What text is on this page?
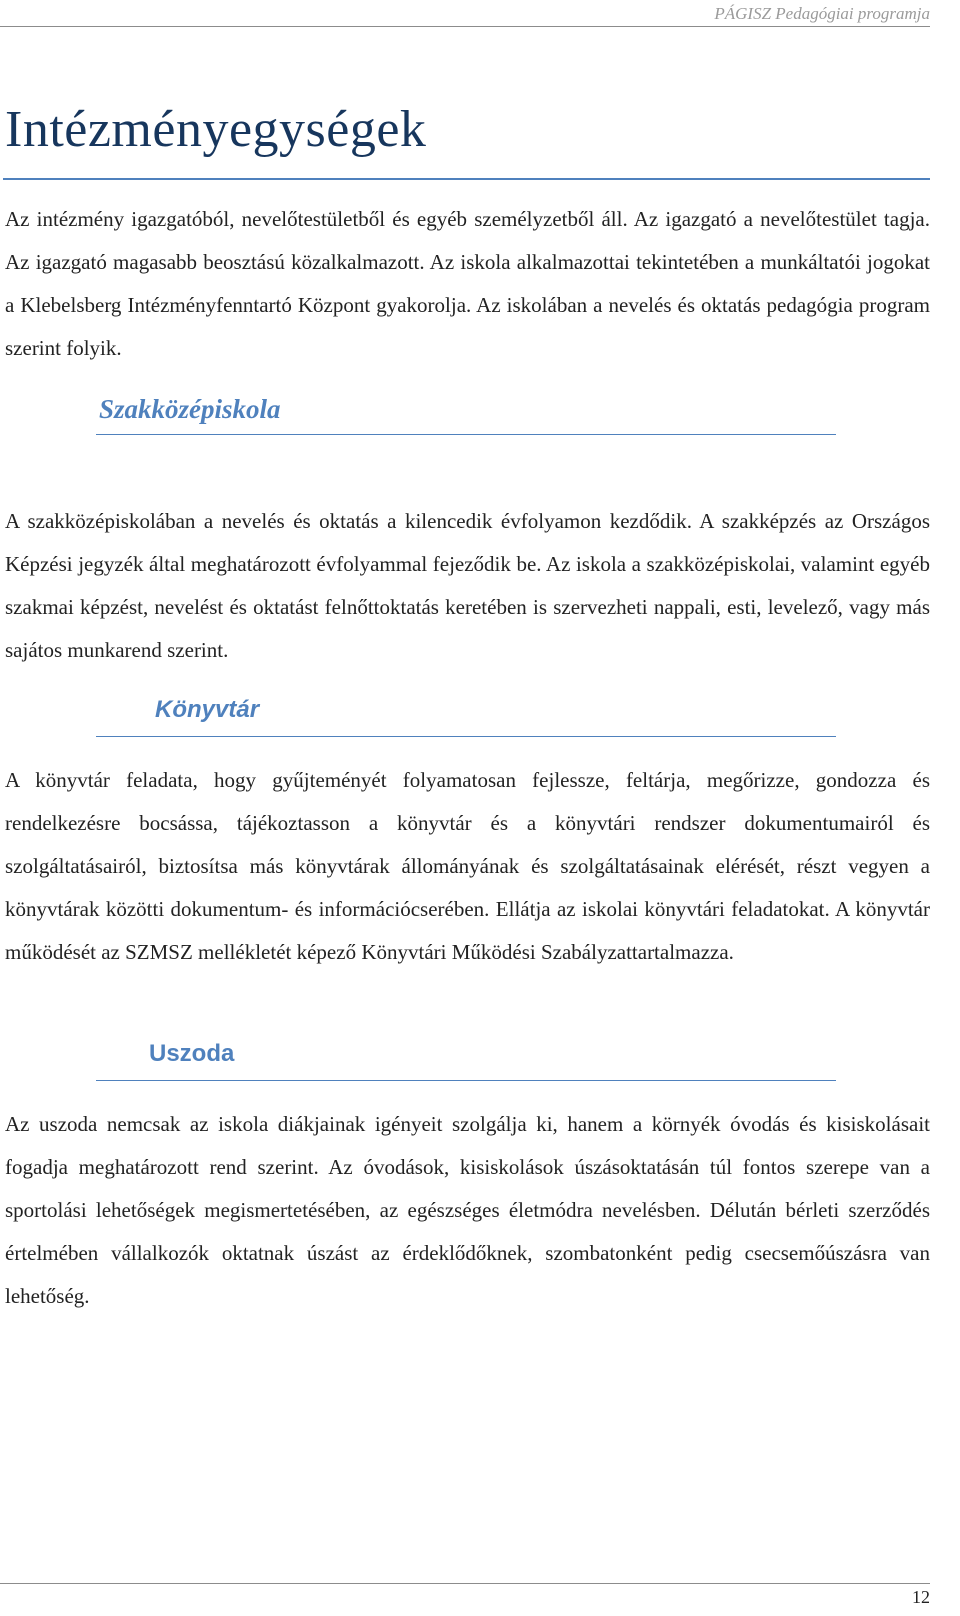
PÁGISZ Pedagógiai programja
Intézményegységek

Az intézmény igazgatóból, nevelőtestületből és egyéb személyzetből áll. Az igazgató a nevelőtestület tagja. Az igazgató magasabb beosztású közalkalmazott. Az iskola alkalmazottai tekintetében a munkáltatói jogokat a Klebelsberg Intézményfenntartó Központ gyakorolja. Az iskolában a nevelés és oktatás pedagógia program szerint folyik.

Szakközépiskola

A szakközépiskolában a nevelés és oktatás a kilencedik évfolyamon kezdődik. A szakképzés az Országos Képzési jegyzék által meghatározott évfolyammal fejeződik be. Az iskola a szakközépiskolai, valamint egyéb szakmai képzést, nevelést és oktatást felnőttoktatás keretében is szervezheti nappali, esti, levelező, vagy más sajátos munkarend szerint.

Könyvtár

A könyvtár feladata, hogy gyűjteményét folyamatosan fejlessze, feltárja, megőrizze, gondozza és rendelkezésre bocsássa, tájékoztasson a könyvtár és a könyvtári rendszer dokumentumairól és szolgáltatásairól, biztosítsa más könyvtárak állományának és szolgáltatásainak elérését, részt vegyen a könyvtárak közötti dokumentum- és információcserében. Ellátja az iskolai könyvtári feladatokat. A könyvtár működését az SZMSZ mellékletét képező Könyvtári Működési Szabályzattartalmazza.

Uszoda

Az uszoda nemcsak az iskola diákjainak igényeit szolgálja ki, hanem a környék óvodás és kisiskolásait fogadja meghatározott rend szerint. Az óvodások, kisiskolások úszásoktatásán túl fontos szerepe van a sportolási lehetőségek megismertetésében, az egészséges életmódra nevelésben. Délután bérleti szerződés értelmében vállalkozók oktatnak úszást az érdeklődőknek, szombatonként pedig csecsemőúszásra van lehetőség.

12
